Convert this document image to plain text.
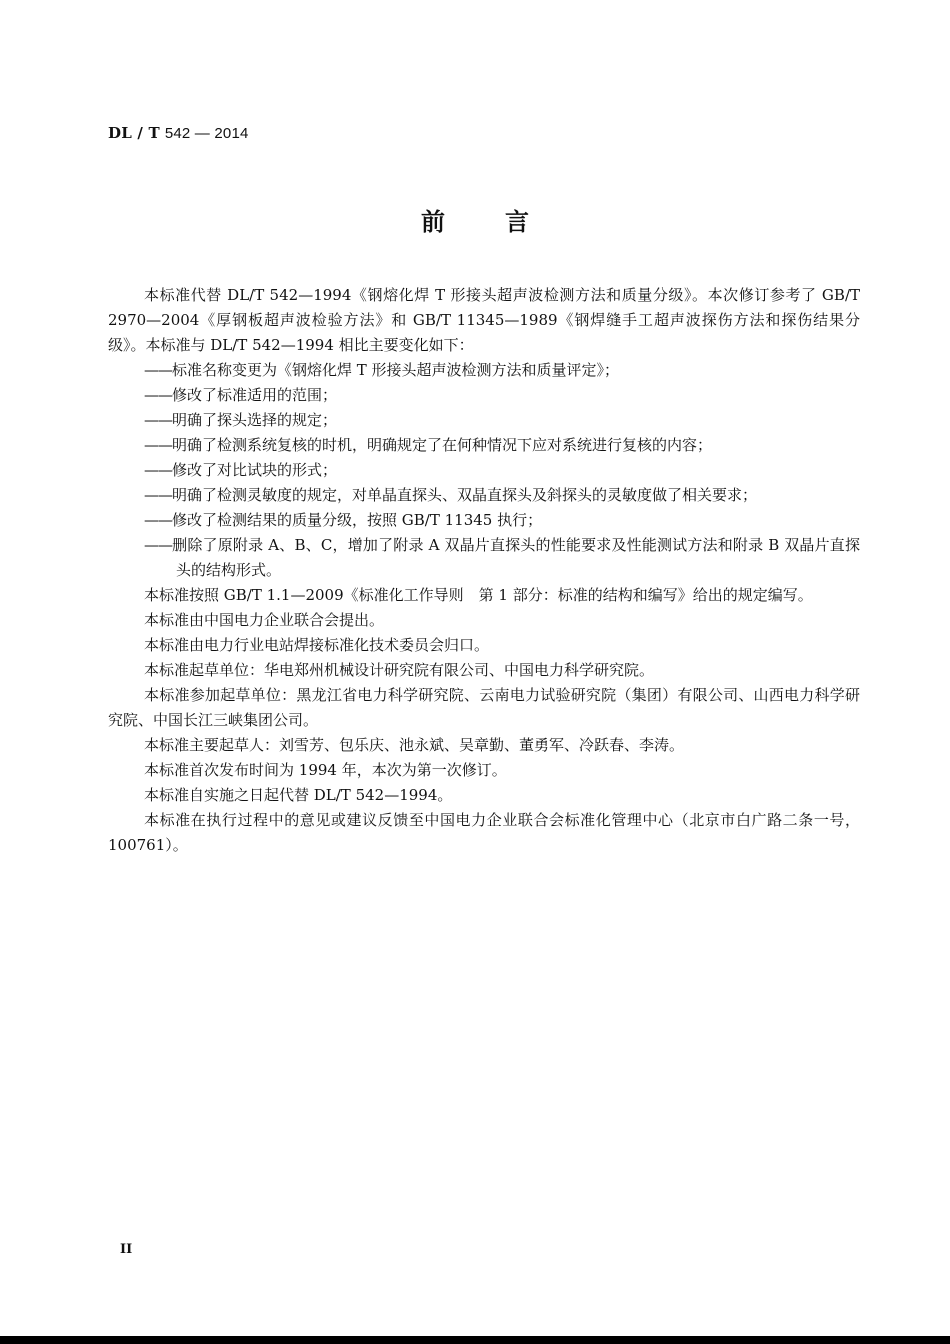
DL / T 542 — 2014
前言

本标准代替 DL/T 542—1994《钢熔化焊 T 形接头超声波检测方法和质量分级》。本次修订参考了 GB/T 2970—2004《厚钢板超声波检验方法》和 GB/T 11345—1989《钢焊缝手工超声波探伤方法和探伤结果分级》。本标准与 DL/T 542—1994 相比主要变化如下：

——标准名称变更为《钢熔化焊 T 形接头超声波检测方法和质量评定》；

——修改了标准适用的范围；

——明确了探头选择的规定；

——明确了检测系统复核的时机，明确规定了在何种情况下应对系统进行复核的内容；

——修改了对比试块的形式；

——明确了检测灵敏度的规定，对单晶直探头、双晶直探头及斜探头的灵敏度做了相关要求；

——修改了检测结果的质量分级，按照 GB/T 11345 执行；

——删除了原附录 A、B、C，增加了附录 A 双晶片直探头的性能要求及性能测试方法和附录 B 双晶片直探头的结构形式。

本标准按照 GB/T 1.1—2009《标准化工作导则　第 1 部分：标准的结构和编写》给出的规定编写。

本标准由中国电力企业联合会提出。

本标准由电力行业电站焊接标准化技术委员会归口。

本标准起草单位：华电郑州机械设计研究院有限公司、中国电力科学研究院。

本标准参加起草单位：黑龙江省电力科学研究院、云南电力试验研究院（集团）有限公司、山西电力科学研究院、中国长江三峡集团公司。

本标准主要起草人：刘雪芳、包乐庆、池永斌、吴章勤、董勇军、冷跃春、李涛。

本标准首次发布时间为 1994 年，本次为第一次修订。

本标准自实施之日起代替 DL/T 542—1994。

本标准在执行过程中的意见或建议反馈至中国电力企业联合会标准化管理中心（北京市白广路二条一号，100761）。

II
